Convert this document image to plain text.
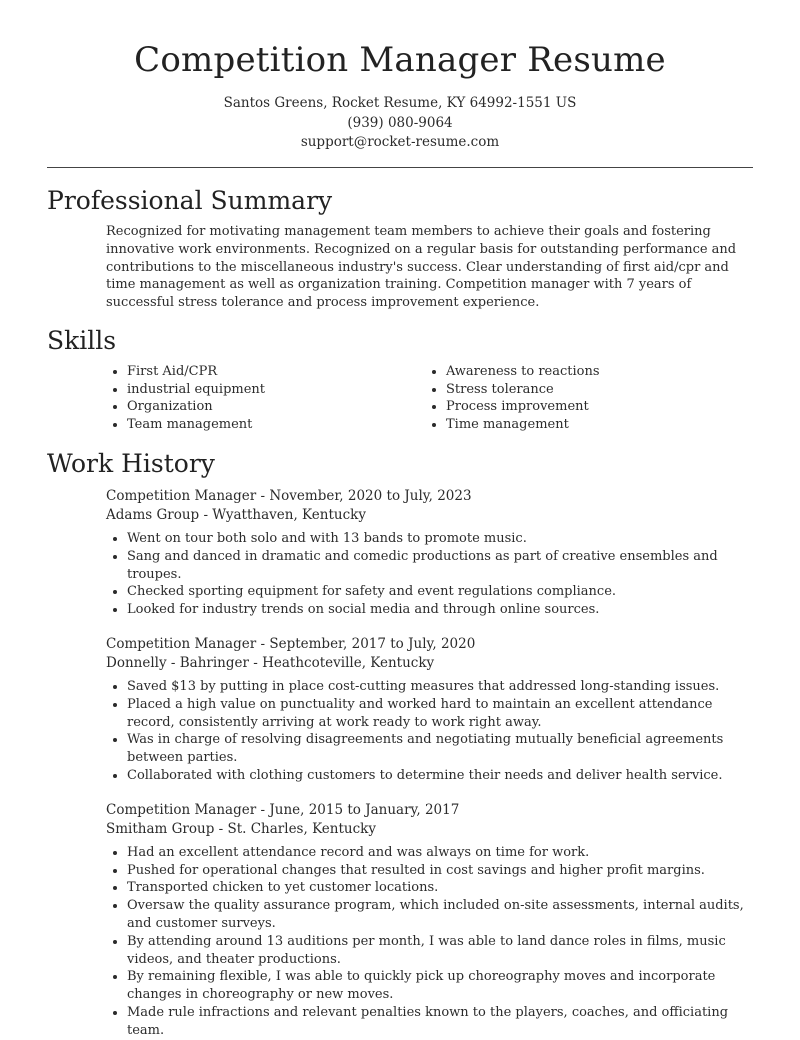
Competition Manager Resume
Santos Greens, Rocket Resume, KY 64992-1551 US
(939) 080-9064
support@rocket-resume.com
Professional Summary

Recognized for motivating management team members to achieve their goals and fostering innovative work environments. Recognized on a regular basis for outstanding performance and contributions to the miscellaneous industry's success. Clear understanding of first aid/cpr and time management as well as organization training. Competition manager with 7 years of successful stress tolerance and process improvement experience.

Skills
• First Aid/CPR
• industrial equipment
• Organization
• Team management
• Awareness to reactions
• Stress tolerance
• Process improvement
• Time management
Work History
Competition Manager - November, 2020 to July, 2023
Adams Group - Wyatthaven, Kentucky
• Went on tour both solo and with 13 bands to promote music.
• Sang and danced in dramatic and comedic productions as part of creative ensembles and troupes.
• Checked sporting equipment for safety and event regulations compliance.
• Looked for industry trends on social media and through online sources.
Competition Manager - September, 2017 to July, 2020
Donnelly - Bahringer - Heathcoteville, Kentucky
• Saved $13 by putting in place cost-cutting measures that addressed long-standing issues.
• Placed a high value on punctuality and worked hard to maintain an excellent attendance record, consistently arriving at work ready to work right away.
• Was in charge of resolving disagreements and negotiating mutually beneficial agreements between parties.
• Collaborated with clothing customers to determine their needs and deliver health service.
Competition Manager - June, 2015 to January, 2017
Smitham Group - St. Charles, Kentucky
• Had an excellent attendance record and was always on time for work.
• Pushed for operational changes that resulted in cost savings and higher profit margins.
• Transported chicken to yet customer locations.
• Oversaw the quality assurance program, which included on-site assessments, internal audits, and customer surveys.
• By attending around 13 auditions per month, I was able to land dance roles in films, music videos, and theater productions.
• By remaining flexible, I was able to quickly pick up choreography moves and incorporate changes in choreography or new moves.
• Made rule infractions and relevant penalties known to the players, coaches, and officiating team.
